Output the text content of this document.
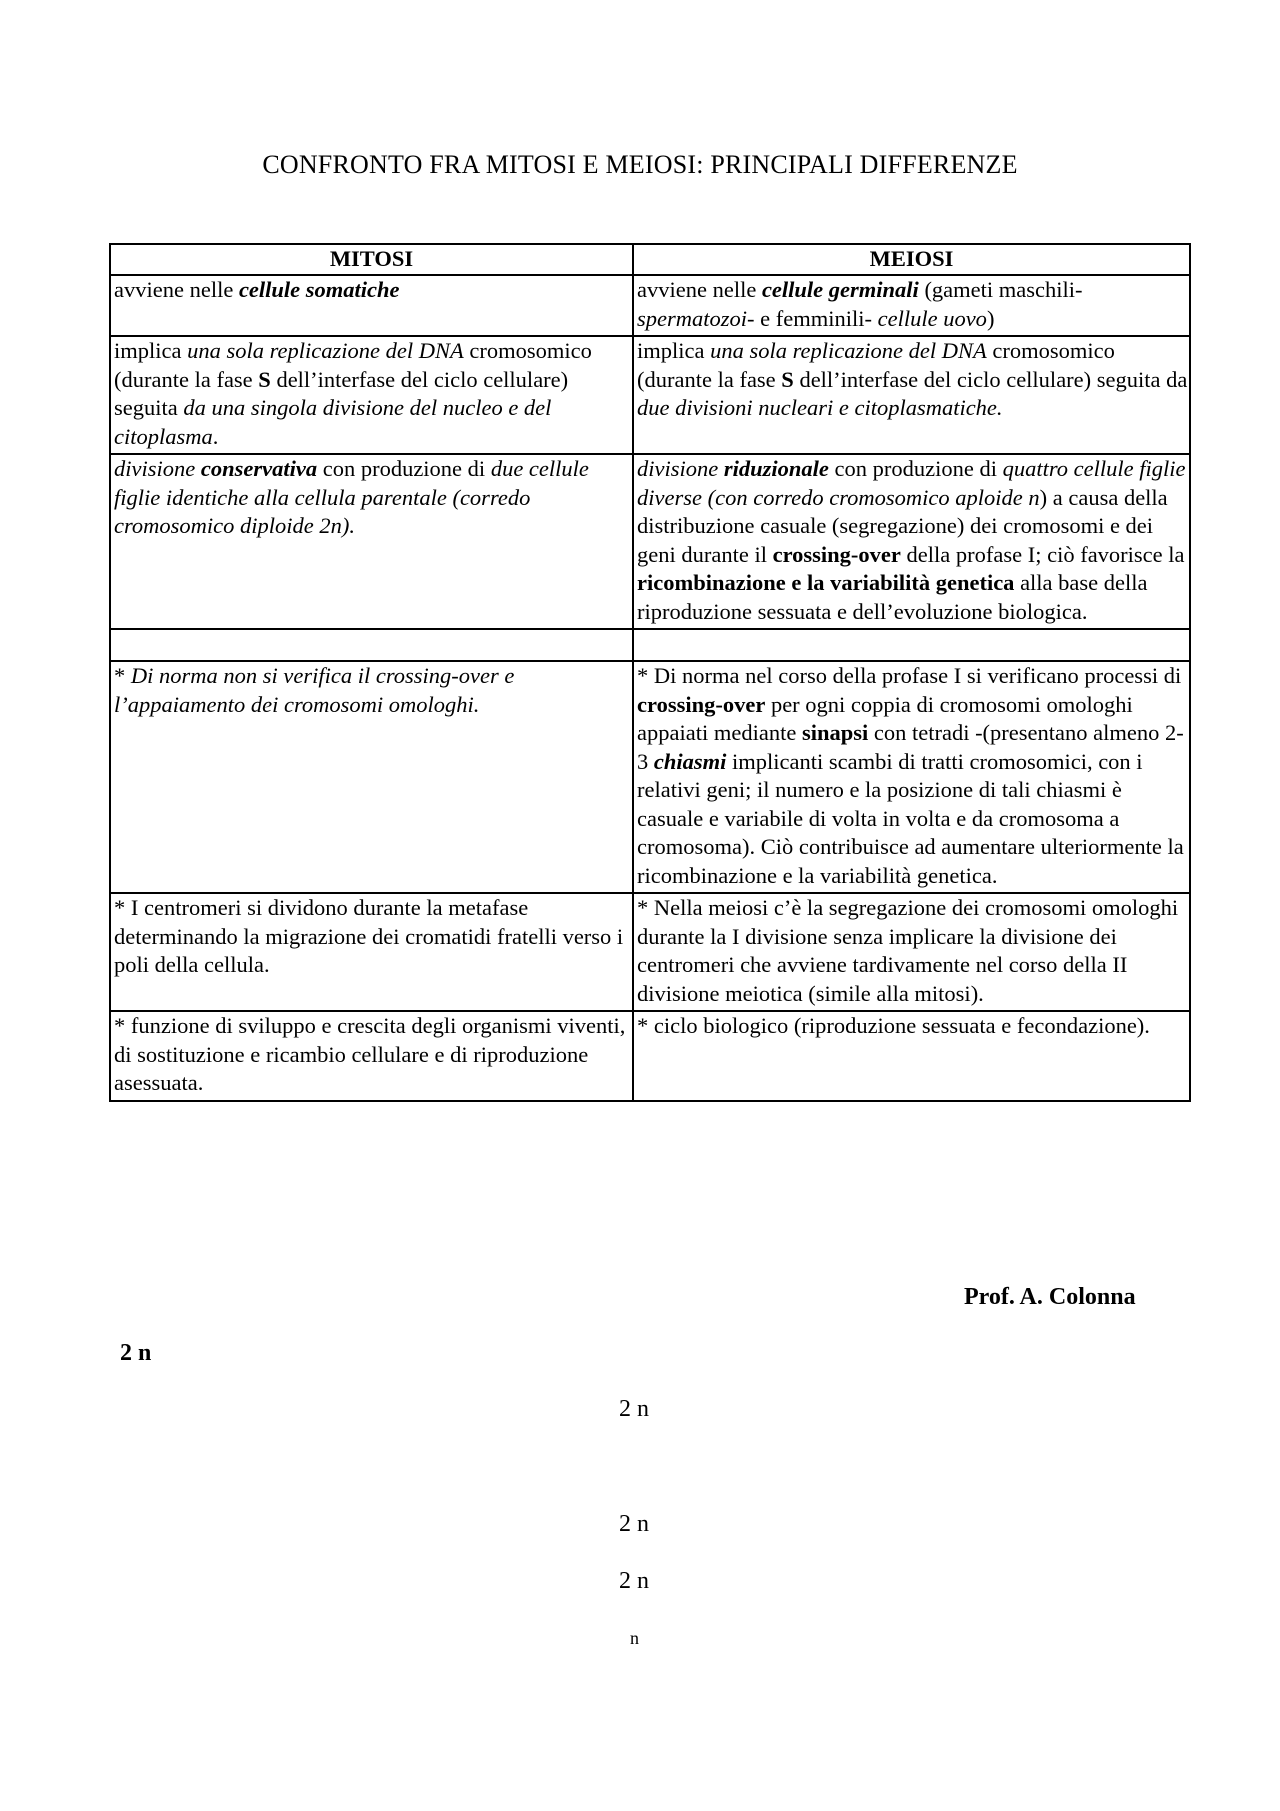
CONFRONTO FRA MITOSI E MEIOSI: PRINCIPALI DIFFERENZE
MITOSI	MEIOSI
avviene nelle cellule somatiche	avviene nelle cellule germinali (gameti maschili- spermatozoi- e femminili- cellule uovo)
implica una sola replicazione del DNA cromosomico (durante la fase S dell’interfase del ciclo cellulare) seguita da una singola divisione del nucleo e del citoplasma.	implica una sola replicazione del DNA cromosomico (durante la fase S dell’interfase del ciclo cellulare) seguita da due divisioni nucleari e citoplasmatiche.
divisione conservativa con produzione di due cellule figlie identiche alla cellula parentale (corredo cromosomico diploide 2n).	divisione riduzionale con produzione di quattro cellule figlie diverse (con corredo cromosomico aploide n) a causa della distribuzione casuale (segregazione) dei cromosomi e dei geni durante il crossing-over della profase I; ciò favorisce la ricombinazione e la variabilità genetica alla base della riproduzione sessuata e dell’evoluzione biologica.

* Di norma non si verifica il crossing-over e l’appaiamento dei cromosomi omologhi.	* Di norma nel corso della profase I si verificano processi di crossing-over per ogni coppia di cromosomi omologhi appaiati mediante sinapsi con tetradi -(presentano almeno 2-3 chiasmi implicanti scambi di tratti cromosomici, con i relativi geni; il numero e la posizione di tali chiasmi è casuale e variabile di volta in volta e da cromosoma a cromosoma). Ciò contribuisce ad aumentare ulteriormente la ricombinazione e la variabilità genetica.
* I centromeri si dividono durante la metafase determinando la migrazione dei cromatidi fratelli verso i poli della cellula.	* Nella meiosi c’è la segregazione dei cromosomi omologhi durante la I divisione senza implicare la divisione dei centromeri che avviene tardivamente nel corso della II divisione meiotica (simile alla mitosi).
* funzione di sviluppo e crescita degli organismi viventi, di sostituzione e ricambio cellulare e di riproduzione asessuata.	* ciclo biologico (riproduzione sessuata e fecondazione).
Prof. A. Colonna
2 n
2 n
2 n
2 n
n
